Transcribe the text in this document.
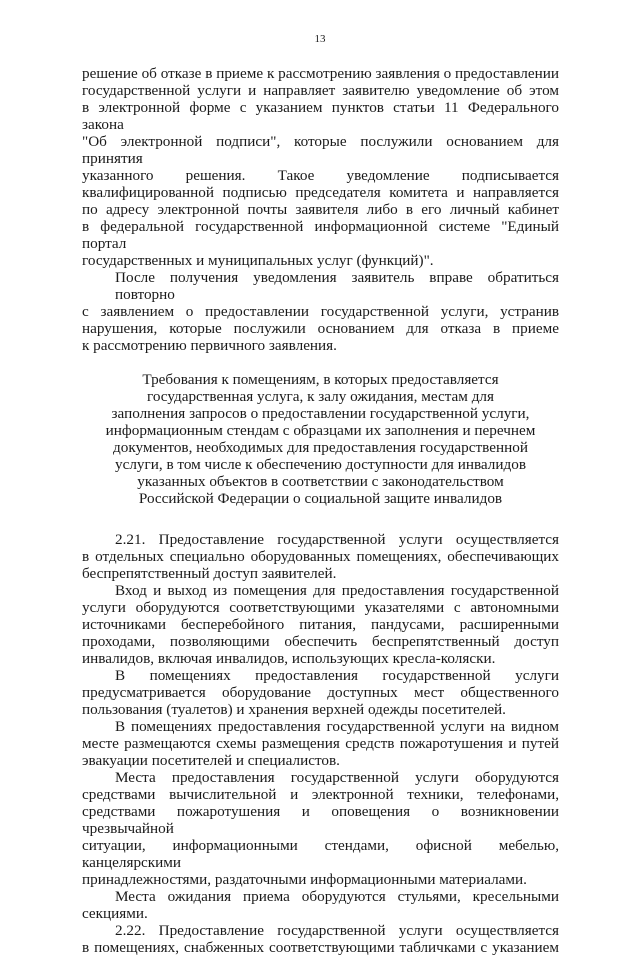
13
решение об отказе в приеме к рассмотрению заявления о предоставлении
государственной услуги и направляет заявителю уведомление об этом
в электронной форме с указанием пунктов статьи 11 Федерального закона
"Об электронной подписи", которые послужили основанием для принятия
указанного решения. Такое уведомление подписывается
квалифицированной подписью председателя комитета и направляется
по адресу электронной почты заявителя либо в его личный кабинет
в федеральной государственной информационной системе "Единый портал
государственных и муниципальных услуг (функций)".
После получения уведомления заявитель вправе обратиться повторно
с заявлением о предоставлении государственной услуги, устранив
нарушения, которые послужили основанием для отказа в приеме
к рассмотрению первичного заявления.
Требования к помещениям, в которых предоставляется
государственная услуга, к залу ожидания, местам для
заполнения запросов о предоставлении государственной услуги,
информационным стендам с образцами их заполнения и перечнем
документов, необходимых для предоставления государственной
услуги, в том числе к обеспечению доступности для инвалидов
указанных объектов в соответствии с законодательством
Российской Федерации о социальной защите инвалидов
2.21. Предоставление государственной услуги осуществляется
в отдельных специально оборудованных помещениях, обеспечивающих
беспрепятственный доступ заявителей.
Вход и выход из помещения для предоставления государственной
услуги оборудуются соответствующими указателями с автономными
источниками бесперебойного питания, пандусами, расширенными
проходами, позволяющими обеспечить беспрепятственный доступ
инвалидов, включая инвалидов, использующих кресла-коляски.
В помещениях предоставления государственной услуги
предусматривается оборудование доступных мест общественного
пользования (туалетов) и хранения верхней одежды посетителей.
В помещениях предоставления государственной услуги на видном
месте размещаются схемы размещения средств пожаротушения и путей
эвакуации посетителей и специалистов.
Места предоставления государственной услуги оборудуются
средствами вычислительной и электронной техники, телефонами,
средствами пожаротушения и оповещения о возникновении чрезвычайной
ситуации, информационными стендами, офисной мебелью, канцелярскими
принадлежностями, раздаточными информационными материалами.
Места ожидания приема оборудуются стульями, кресельными
секциями.
2.22. Предоставление государственной услуги осуществляется
в помещениях, снабженных соответствующими табличками с указанием
